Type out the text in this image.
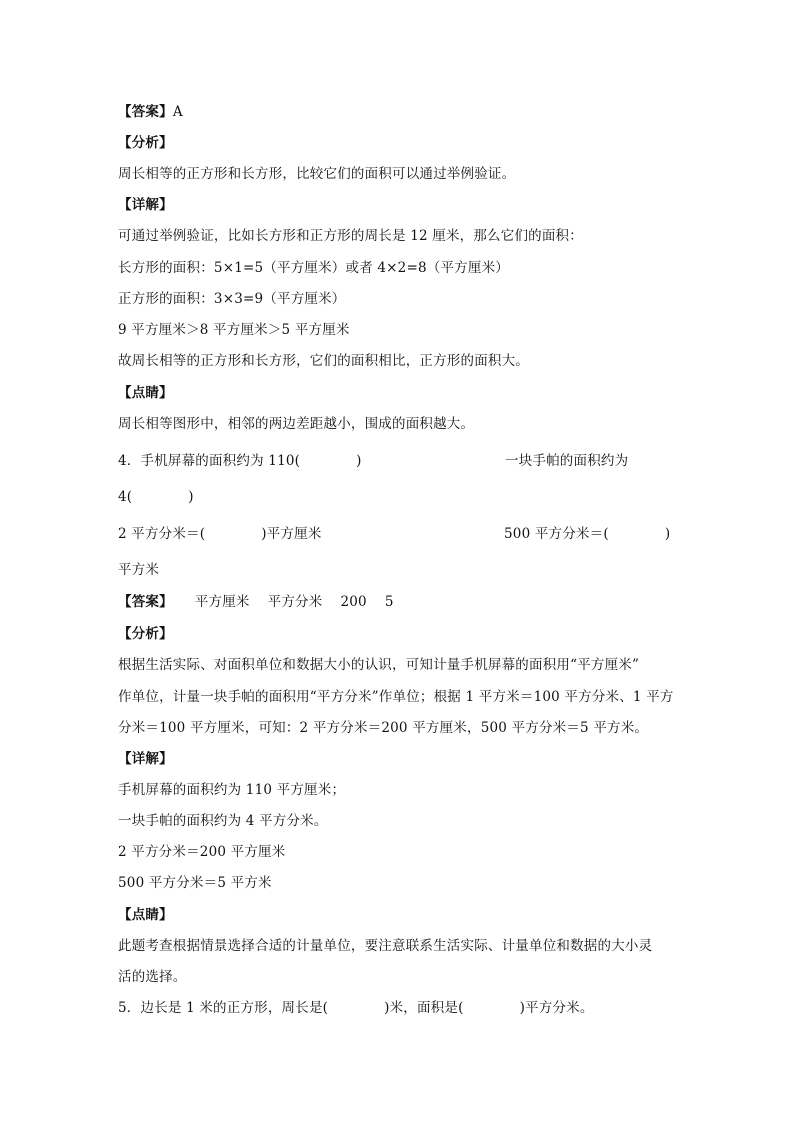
【答案】A
【分析】
周长相等的正方形和长方形，比较它们的面积可以通过举例验证。
【详解】
可通过举例验证，比如长方形和正方形的周长是 12 厘米，那么它们的面积：
长方形的面积：5×1=5（平方厘米）或者 4×2=8（平方厘米）
正方形的面积：3×3=9（平方厘米）
9 平方厘米＞8 平方厘米＞5 平方厘米
故周长相等的正方形和长方形，它们的面积相比，正方形的面积大。
【点睛】
周长相等图形中，相邻的两边差距越小，围成的面积越大。
4．手机屏幕的面积约为 110(	)	一块手帕的面积约为
4(	)
2 平方分米＝(	)平方厘米	500 平方分米＝(	)
平方米
【答案】 平方厘米 平方分米 200 5
【分析】
根据生活实际、对面积单位和数据大小的认识，可知计量手机屏幕的面积用“平方厘米”
作单位，计量一块手帕的面积用“平方分米”作单位；根据 1 平方米＝100 平方分米、1 平方
分米＝100 平方厘米，可知：2 平方分米＝200 平方厘米，500 平方分米＝5 平方米。
【详解】
手机屏幕的面积约为 110 平方厘米；
一块手帕的面积约为 4 平方分米。
2 平方分米＝200 平方厘米
500 平方分米＝5 平方米
【点睛】
此题考查根据情景选择合适的计量单位，要注意联系生活实际、计量单位和数据的大小灵
活的选择。
5．边长是 1 米的正方形，周长是(	)米，面积是(	)平方分米。
